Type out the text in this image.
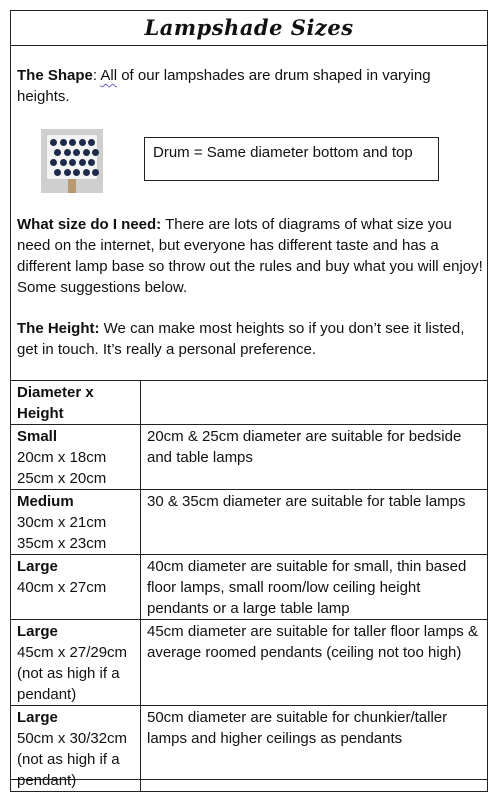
Lampshade Sizes
The Shape: All of our lampshades are drum shaped in varying heights.
Drum = Same diameter bottom and top
What size do I need: There are lots of diagrams of what size you need on the internet, but everyone has different taste and has a different lamp base so throw out the rules and buy what you will enjoy! Some suggestions below.
The Height: We can make most heights so if you don’t see it listed, get in touch. It’s really a personal preference.
Diameter x Height	

Small
20cm x 18cm
25cm x 20cm	20cm & 25cm diameter are suitable for bedside and table lamps

Medium
30cm x 21cm
35cm x 23cm	30 & 35cm diameter are suitable for table lamps

Large
40cm x 27cm	40cm diameter are suitable for small, thin based floor lamps, small room/low ceiling height pendants or a large table lamp

Large
45cm x 27/29cm
(not as high if a pendant)	45cm diameter are suitable for taller floor lamps & average roomed pendants (ceiling not too high)

Large
50cm x 30/32cm
(not as high if a pendant)	50cm diameter are suitable for chunkier/taller lamps and higher ceilings as pendants
